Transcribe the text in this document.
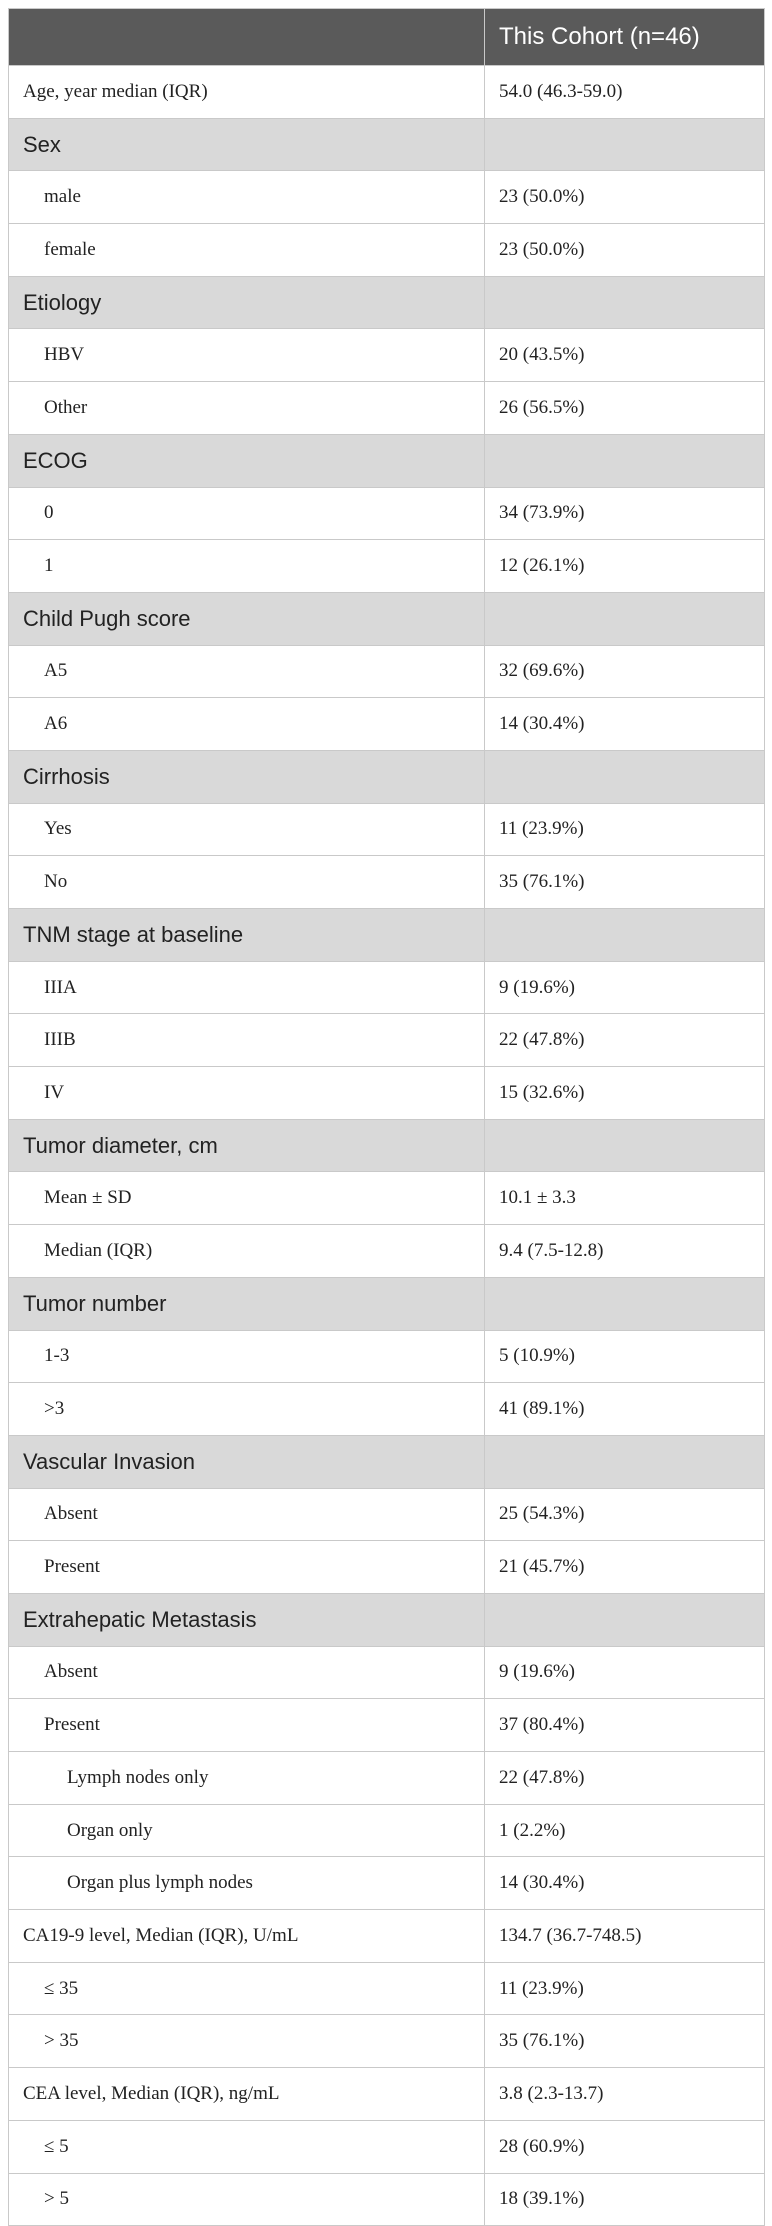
	This Cohort (n=46)
Age, year median (IQR)	54.0 (46.3-59.0)
Sex	
male	23 (50.0%)
female	23 (50.0%)
Etiology	
HBV	20 (43.5%)
Other	26 (56.5%)
ECOG	
0	34 (73.9%)
1	12 (26.1%)
Child Pugh score	
A5	32 (69.6%)
A6	14 (30.4%)
Cirrhosis	
Yes	11 (23.9%)
No	35 (76.1%)
TNM stage at baseline	
IIIA	9 (19.6%)
IIIB	22 (47.8%)
IV	15 (32.6%)
Tumor diameter, cm	
Mean ± SD	10.1 ± 3.3
Median (IQR)	9.4 (7.5-12.8)
Tumor number	
1-3	5 (10.9%)
>3	41 (89.1%)
Vascular Invasion	
Absent	25 (54.3%)
Present	21 (45.7%)
Extrahepatic Metastasis	
Absent	9 (19.6%)
Present	37 (80.4%)
Lymph nodes only	22 (47.8%)
Organ only	1 (2.2%)
Organ plus lymph nodes	14 (30.4%)
CA19-9 level, Median (IQR), U/mL	134.7 (36.7-748.5)
≤ 35	11 (23.9%)
> 35	35 (76.1%)
CEA level, Median (IQR), ng/mL	3.8 (2.3-13.7)
≤ 5	28 (60.9%)
> 5	18 (39.1%)
